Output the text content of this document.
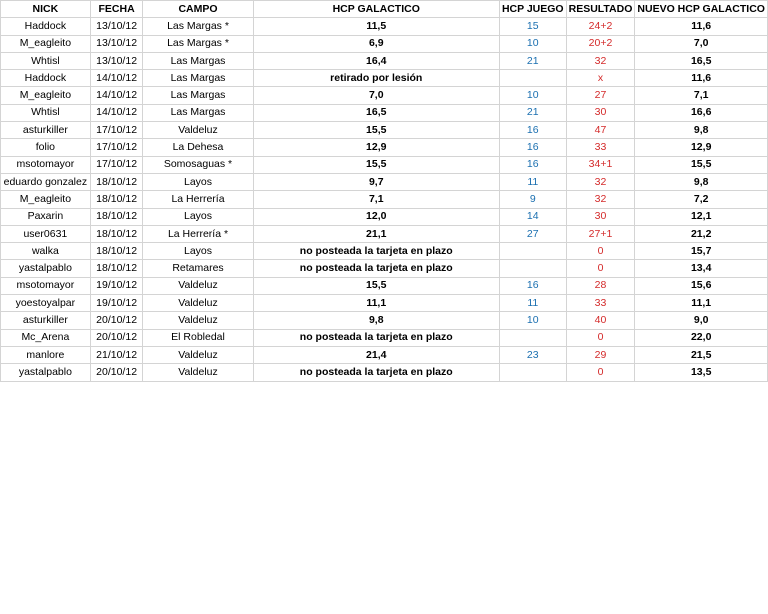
NICK	FECHA	CAMPO	HCP GALACTICO	HCP JUEGO	RESULTADO	NUEVO HCP GALACTICO
Haddock	13/10/12	Las Margas *	11,5	15	24+2	11,6
M_eagleito	13/10/12	Las Margas *	6,9	10	20+2	7,0
Whtisl	13/10/12	Las Margas	16,4	21	32	16,5
Haddock	14/10/12	Las Margas	retirado por lesión		x	11,6
M_eagleito	14/10/12	Las Margas	7,0	10	27	7,1
Whtisl	14/10/12	Las Margas	16,5	21	30	16,6
asturkiller	17/10/12	Valdeluz	15,5	16	47	9,8
folio	17/10/12	La Dehesa	12,9	16	33	12,9
msotomayor	17/10/12	Somosaguas *	15,5	16	34+1	15,5
eduardo gonzalez	18/10/12	Layos	9,7	11	32	9,8
M_eagleito	18/10/12	La Herrería	7,1	9	32	7,2
Paxarin	18/10/12	Layos	12,0	14	30	12,1
user0631	18/10/12	La Herrería *	21,1	27	27+1	21,2
walka	18/10/12	Layos	no posteada la tarjeta en plazo		0	15,7
yastalpablo	18/10/12	Retamares	no posteada la tarjeta en plazo		0	13,4
msotomayor	19/10/12	Valdeluz	15,5	16	28	15,6
yoestoyalpar	19/10/12	Valdeluz	11,1	11	33	11,1
asturkiller	20/10/12	Valdeluz	9,8	10	40	9,0
Mc_Arena	20/10/12	El Robledal	no posteada la tarjeta en plazo		0	22,0
manlore	21/10/12	Valdeluz	21,4	23	29	21,5
yastalpablo	20/10/12	Valdeluz	no posteada la tarjeta en plazo		0	13,5
